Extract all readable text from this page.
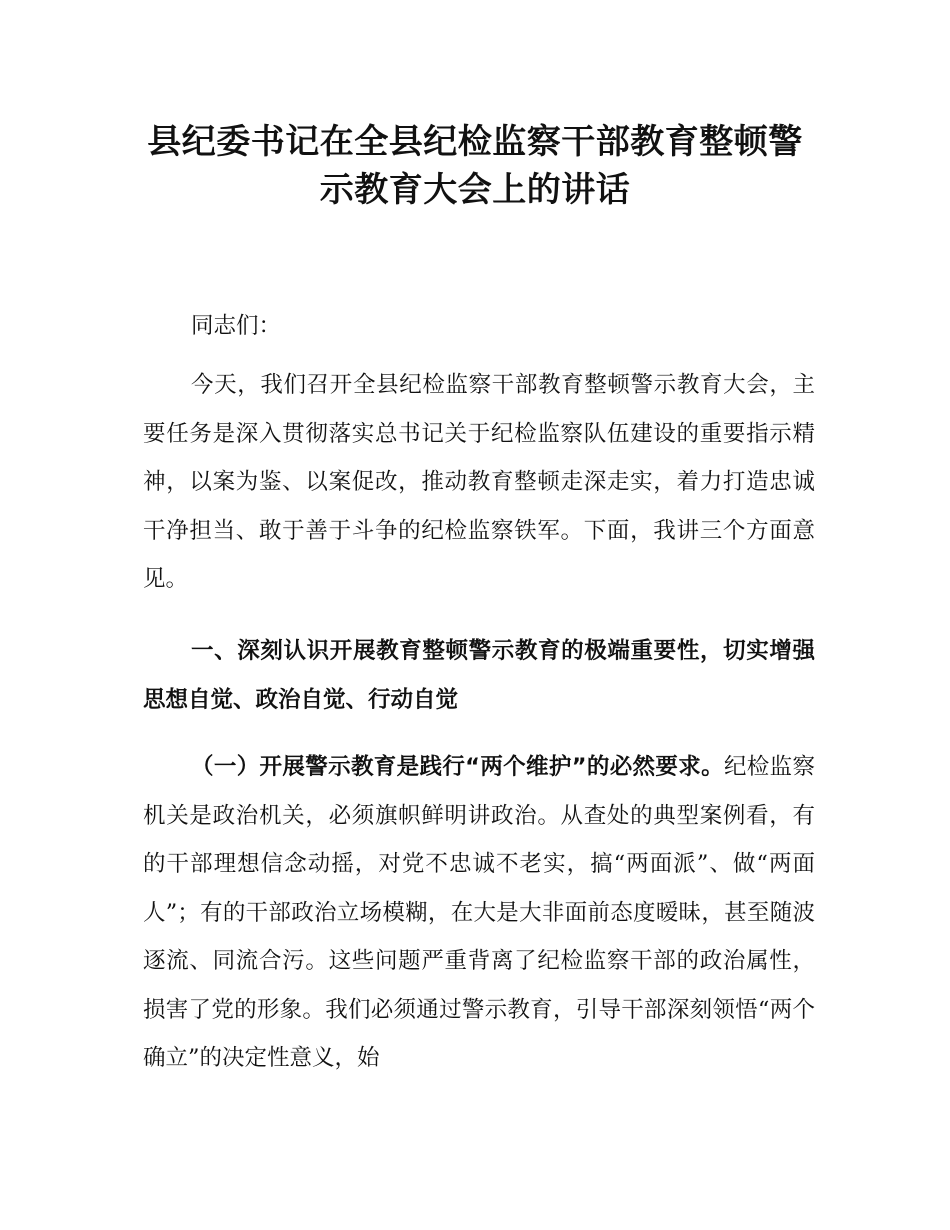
县纪委书记在全县纪检监察干部教育整顿警
示教育大会上的讲话

同志们：

今天，我们召开全县纪检监察干部教育整顿警示教育大会，主要任务是深入贯彻落实总书记关于纪检监察队伍建设的重要指示精神，以案为鉴、以案促改，推动教育整顿走深走实，着力打造忠诚干净担当、敢于善于斗争的纪检监察铁军。下面，我讲三个方面意见。

一、深刻认识开展教育整顿警示教育的极端重要性，切实增强思想自觉、政治自觉、行动自觉

（一）开展警示教育是践行“两个维护”的必然要求。纪检监察机关是政治机关，必须旗帜鲜明讲政治。从查处的典型案例看，有的干部理想信念动摇，对党不忠诚不老实，搞“两面派”、做“两面人”；有的干部政治立场模糊，在大是大非面前态度暧昧，甚至随波逐流、同流合污。这些问题严重背离了纪检监察干部的政治属性，损害了党的形象。我们必须通过警示教育，引导干部深刻领悟“两个确立”的决定性意义，始
